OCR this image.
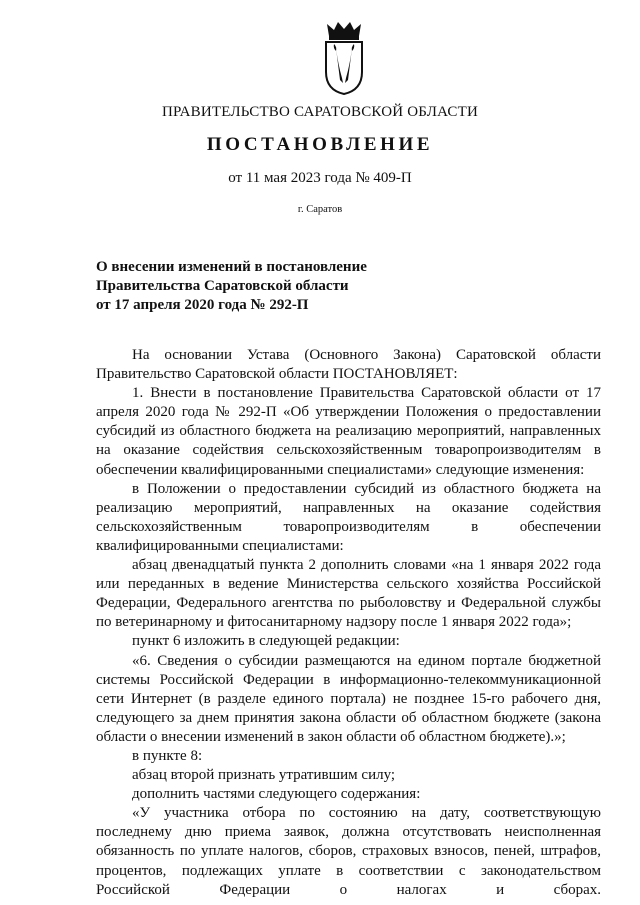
ПРАВИТЕЛЬСТВО САРАТОВСКОЙ ОБЛАСТИ
ПОСТАНОВЛЕНИЕ
от 11 мая 2023 года № 409-П
г. Саратов
О внесении изменений в постановление
Правительства Саратовской области
от 17 апреля 2020 года № 292-П

На основании Устава (Основного Закона) Саратовской области

Правительство Саратовской области ПОСТАНОВЛЯЕТ:

1. Внести в постановление Правительства Саратовской области от 17 апреля 2020 года № 292-П «Об утверждении Положения о предоставлении субсидий из областного бюджета на реализацию мероприятий, направленных на оказание содействия сельскохозяйственным товаропроизводителям в обеспечении квалифицированными специалистами» следующие изменения:

в Положении о предоставлении субсидий из областного бюджета на реализацию мероприятий, направленных на оказание содействия сельскохозяйственным товаропроизводителям в обеспечении квалифицированными специалистами:

абзац двенадцатый пункта 2 дополнить словами «на 1 января 2022 года или переданных в ведение Министерства сельского хозяйства Российской Федерации, Федерального агентства по рыболовству и Федеральной службы по ветеринарному и фитосанитарному надзору после 1 января 2022 года»;

пункт 6 изложить в следующей редакции:

«6. Сведения о субсидии размещаются на едином портале бюджетной системы Российской Федерации в информационно-телекоммуникационной сети Интернет (в разделе единого портала) не позднее 15-го рабочего дня, следующего за днем принятия закона области об областном бюджете (закона области о внесении изменений в закон области об областном бюджете).»;

в пункте 8:

абзац второй признать утратившим силу;

дополнить частями следующего содержания:

«У участника отбора по состоянию на дату, соответствующую последнему дню приема заявок, должна отсутствовать неисполненная обязанность по уплате налогов, сборов, страховых взносов, пеней, штрафов, процентов, подлежащих уплате в соответствии с законодательством Российской Федерации о налогах и сборах.
